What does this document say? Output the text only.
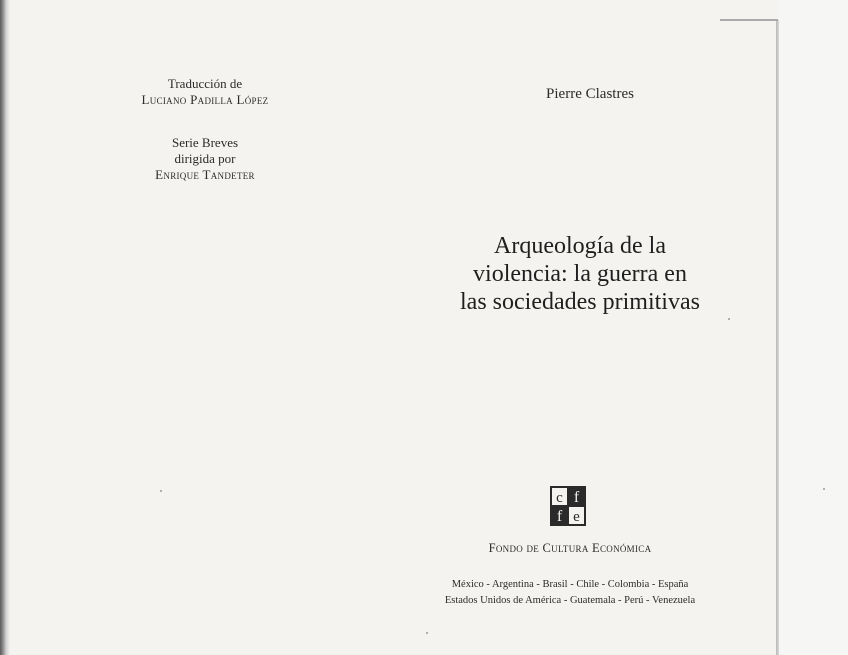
Traducción de
Luciano Padilla López
Serie Breves
dirigida por
Enrique Tandeter
Pierre Clastres
Arqueología de la
violencia: la guerra en
las sociedades primitivas
c f
f e
Fondo de Cultura Económica
México - Argentina - Brasil - Chile - Colombia - España
Estados Unidos de América - Guatemala - Perú - Venezuela
